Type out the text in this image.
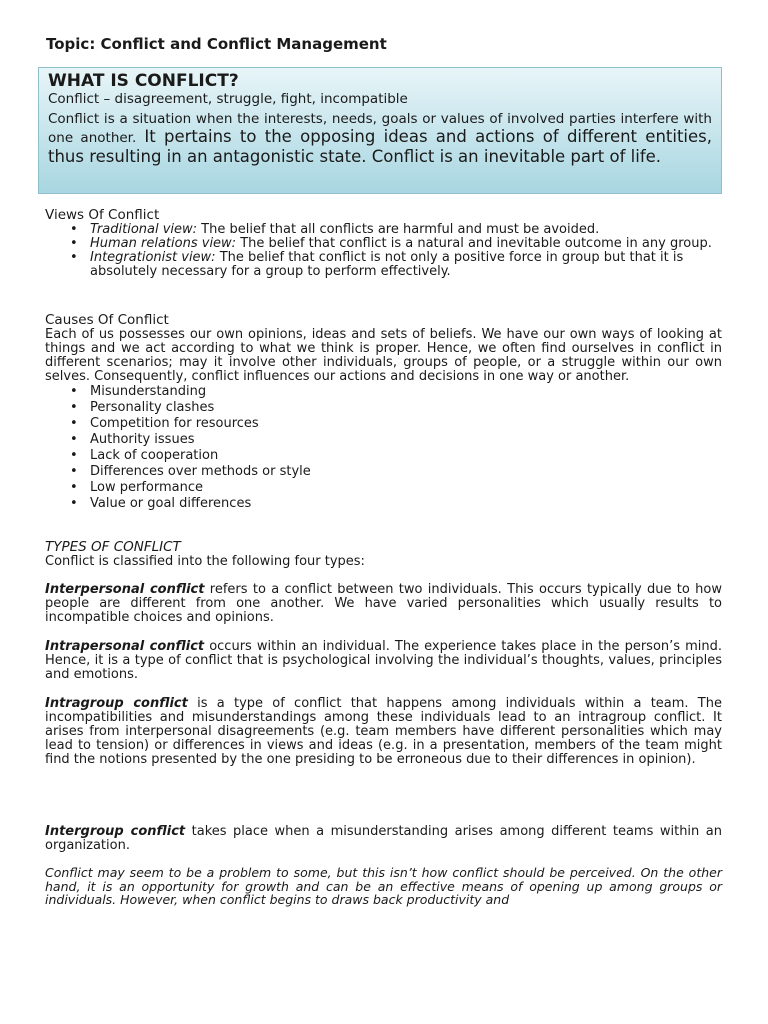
Topic: Conflict and Conflict Management
WHAT IS CONFLICT?

Conflict – disagreement, struggle, fight, incompatible

Conflict is a situation when the interests, needs, goals or values of involved parties interfere with one another. It pertains to the opposing ideas and actions of different entities, thus resulting in an antagonistic state. Conflict is an inevitable part of life.

Views Of Conflict
• Traditional view: The belief that all conflicts are harmful and must be avoided.
• Human relations view: The belief that conflict is a natural and inevitable outcome in any group.
• Integrationist view: The belief that conflict is not only a positive force in group but that it is absolutely necessary for a group to perform effectively.
Causes Of Conflict

Each of us possesses our own opinions, ideas and sets of beliefs. We have our own ways of looking at things and we act according to what we think is proper. Hence, we often find ourselves in conflict in different scenarios; may it involve other individuals, groups of people, or a struggle within our own selves. Consequently, conflict influences our actions and decisions in one way or another.

• Misunderstanding
• Personality clashes
• Competition for resources
• Authority issues
• Lack of cooperation
• Differences over methods or style
• Low performance
• Value or goal differences
TYPES OF CONFLICT

Conflict is classified into the following four types:

Interpersonal conflict refers to a conflict between two individuals. This occurs typically due to how people are different from one another. We have varied personalities which usually results to incompatible choices and opinions.

Intrapersonal conflict occurs within an individual. The experience takes place in the person’s mind. Hence, it is a type of conflict that is psychological involving the individual’s thoughts, values, principles and emotions.

Intragroup conflict is a type of conflict that happens among individuals within a team. The incompatibilities and misunderstandings among these individuals lead to an intragroup conflict. It arises from interpersonal disagreements (e.g. team members have different personalities which may lead to tension) or differences in views and ideas (e.g. in a presentation, members of the team might find the notions presented by the one presiding to be erroneous due to their differences in opinion).

Intergroup conflict takes place when a misunderstanding arises among different teams within an organization.

Conflict may seem to be a problem to some, but this isn’t how conflict should be perceived. On the other hand, it is an opportunity for growth and can be an effective means of opening up among groups or individuals. However, when conflict begins to draws back productivity and
